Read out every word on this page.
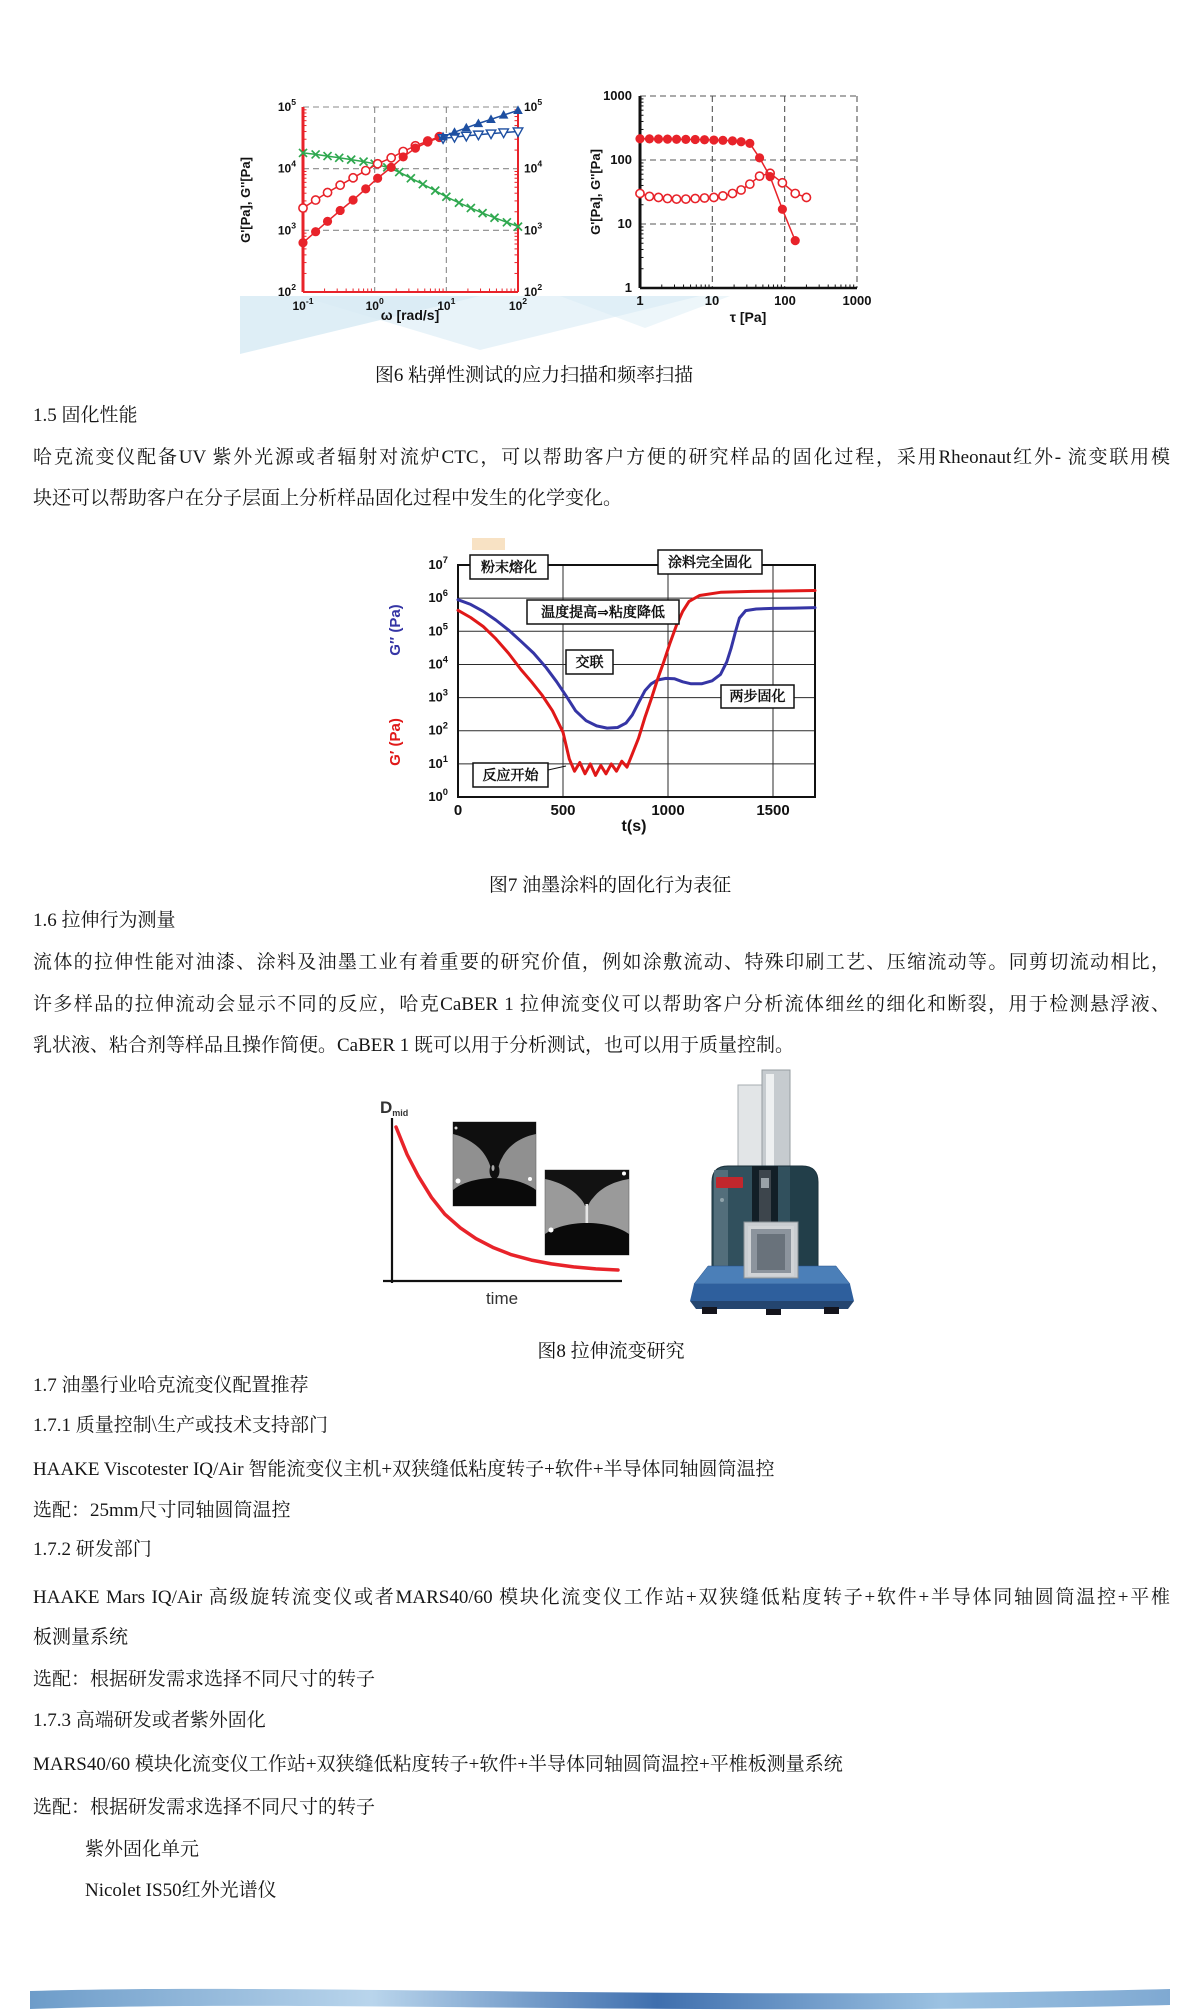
$10^5$	$10^5$
$10^4$	$10^4$
$10^3$	$10^3$
$10^2$	$10^2$
$10^{-1}$	$10^0$	$10^1$	$10^2$
ω [rad/s]
G'[Pa], G''[Pa]
1000
100
10
1
1	10	100	1000
τ [Pa]
G'[Pa], G''[Pa]
$10^7$
$10^6$
$10^5$
$10^4$
$10^3$
$10^2$
$10^1$
$10^0$
0	500	1000	1500
t(s)
G″ (Pa)
G′ (Pa)
粉末熔化
温度提高⇒粘度降低
交联
涂料完全固化
两步固化
反应开始
Dmid
time
图6 粘弹性测试的应力扫描和频率扫描
图7 油墨涂料的固化行为表征
图8 拉伸流变研究
1.5 固化性能
哈克流变仪配备UV 紫外光源或者辐射对流炉CTC，可以帮助客户方便的研究样品的固化过程，采用Rheonaut红外- 流变联用模
块还可以帮助客户在分子层面上分析样品固化过程中发生的化学变化。
1.6 拉伸行为测量
流体的拉伸性能对油漆、涂料及油墨工业有着重要的研究价值，例如涂敷流动、特殊印刷工艺、压缩流动等。同剪切流动相比，
许多样品的拉伸流动会显示不同的反应，哈克CaBER 1 拉伸流变仪可以帮助客户分析流体细丝的细化和断裂，用于检测悬浮液、
乳状液、粘合剂等样品且操作简便。CaBER 1 既可以用于分析测试，也可以用于质量控制。
1.7 油墨行业哈克流变仪配置推荐
1.7.1 质量控制\生产或技术支持部门
HAAKE Viscotester IQ/Air 智能流变仪主机+双狭缝低粘度转子+软件+半导体同轴圆筒温控
选配：25mm尺寸同轴圆筒温控
1.7.2 研发部门
HAAKE Mars IQ/Air 高级旋转流变仪或者MARS40/60 模块化流变仪工作站+双狭缝低粘度转子+软件+半导体同轴圆筒温控+平椎
板测量系统
选配：根据研发需求选择不同尺寸的转子
1.7.3 高端研发或者紫外固化
MARS40/60 模块化流变仪工作站+双狭缝低粘度转子+软件+半导体同轴圆筒温控+平椎板测量系统
选配：根据研发需求选择不同尺寸的转子
紫外固化单元
Nicolet IS50红外光谱仪
